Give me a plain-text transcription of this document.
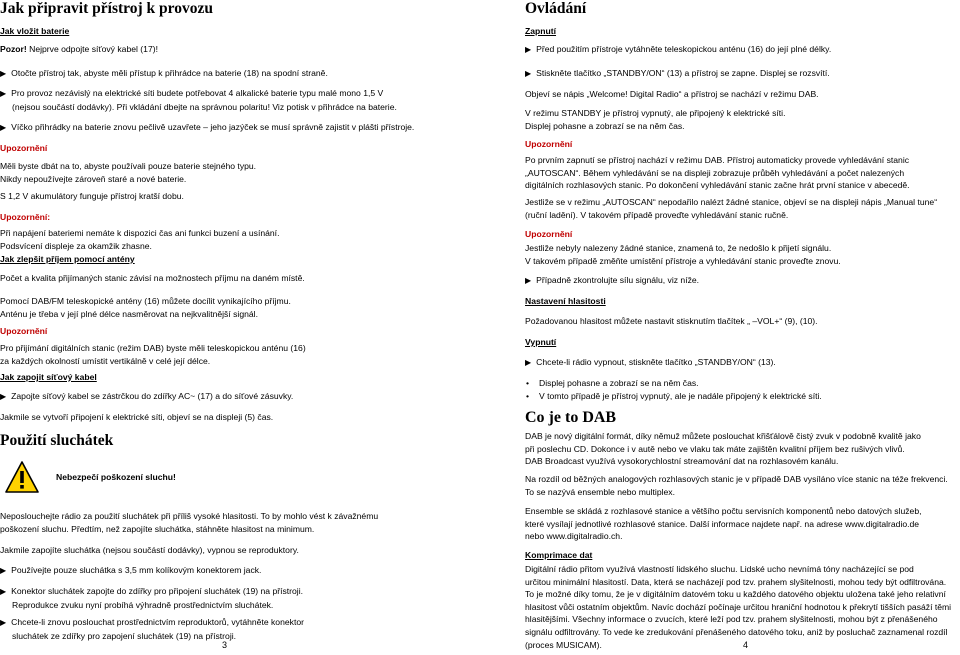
Jak připravit přístroj k provozu

Jak vložit baterie

Pozor! Nejprve odpojte síťový kabel (17)!

▶ Otočte přístroj tak, abyste měli přístup k přihrádce na baterie (18) na spodní straně.

▶ Pro provoz nezávislý na elektrické síti budete potřebovat 4 alkalické baterie typu malé mono 1,5 V

(nejsou součástí dodávky). Při vkládání dbejte na správnou polaritu! Viz potisk v přihrádce na baterie.

▶ Víčko přihrádky na baterie znovu pečlivě uzavřete – jeho jazýček se musí správně zajistit v plášti přístroje.

Upozornění

Měli byste dbát na to, abyste používali pouze baterie stejného typu.

Nikdy nepoužívejte zároveň staré a nové baterie.

S 1,2 V akumulátory funguje přístroj kratší dobu.

Upozornění:

Při napájení bateriemi nemáte k dispozici čas ani funkci buzení a usínání.

Podsvícení displeje za okamžik zhasne.

Jak zlepšit příjem pomocí antény

Počet a kvalita přijímaných stanic závisí na možnostech příjmu na daném místě.

Pomocí DAB/FM teleskopické antény (16) můžete docílit vynikajícího příjmu.

Anténu je třeba v její plné délce nasměrovat na nejkvalitnější signál.

Upozornění

Pro přijímání digitálních stanic (režim DAB) byste měli teleskopickou anténu (16)

za každých okolností umístit vertikálně v celé její délce.

Jak zapojit síťový kabel

▶ Zapojte síťový kabel se zástrčkou do zdířky AC~ (17) a do síťové zásuvky.

Jakmile se vytvoří připojení k elektrické síti, objeví se na displeji (5) čas.

Použití sluchátek

Nebezpečí poškození sluchu!

Neposlouchejte rádio za použití sluchátek při příliš vysoké hlasitosti. To by mohlo vést k závažnému

poškození sluchu. Předtím, než zapojíte sluchátka, stáhněte hlasitost na minimum.

Jakmile zapojíte sluchátka (nejsou součástí dodávky), vypnou se reproduktory.

▶ Používejte pouze sluchátka s 3,5 mm kolíkovým konektorem jack.

▶ Konektor sluchátek zapojte do zdířky pro připojení sluchátek (19) na přístroji.

Reprodukce zvuku nyní probíhá výhradně prostřednictvím sluchátek.

▶ Chcete-li znovu poslouchat prostřednictvím reproduktorů, vytáhněte konektor

sluchátek ze zdířky pro zapojení sluchátek (19) na přístroji.

3
Ovládání

Zapnutí

▶ Před použitím přístroje vytáhněte teleskopickou anténu (16) do její plné délky.

▶ Stiskněte tlačítko „STANDBY/ON“ (13) a přístroj se zapne. Displej se rozsvítí.

Objeví se nápis „Welcome! Digital Radio“ a přístroj se nachází v režimu DAB.

V režimu STANDBY je přístroj vypnutý, ale připojený k elektrické síti.

Displej pohasne a zobrazí se na něm čas.

Upozornění

Po prvním zapnutí se přístroj nachází v režimu DAB. Přístroj automaticky provede vyhledávání stanic

„AUTOSCAN“. Během vyhledávání se na displeji zobrazuje průběh vyhledávání a počet nalezených

digitálních rozhlasových stanic. Po dokončení vyhledávání stanic začne hrát první stanice v abecedě.

Jestliže se v režimu „AUTOSCAN“ nepodařilo nalézt žádné stanice, objeví se na displeji nápis „Manual tune“

(ruční ladění). V takovém případě proveďte vyhledávání stanic ručně.

Upozornění

Jestliže nebyly nalezeny žádné stanice, znamená to, že nedošlo k přijetí signálu.

V takovém případě změňte umístění přístroje a vyhledávání stanic proveďte znovu.

▶ Případně zkontrolujte sílu signálu, viz níže.

Nastavení hlasitosti

Požadovanou hlasitost můžete nastavit stisknutím tlačítek „ –VOL+“ (9), (10).

Vypnutí

▶ Chcete-li rádio vypnout, stiskněte tlačítko „STANDBY/ON“ (13).

• Displej pohasne a zobrazí se na něm čas.

• V tomto případě je přístroj vypnutý, ale je nadále připojený k elektrické síti.

Co je to DAB

DAB je nový digitální formát, díky němuž můžete poslouchat křišťálově čistý zvuk v podobně kvalitě jako

při poslechu CD. Dokonce i v autě nebo ve vlaku tak máte zajištěn kvalitní příjem bez rušivých vlivů.

DAB Broadcast využívá vysokorychlostní streamování dat na rozhlasovém kanálu.

Na rozdíl od běžných analogových rozhlasových stanic je v případě DAB vysíláno více stanic na téže frekvenci.

To se nazývá ensemble nebo multiplex.

Ensemble se skládá z rozhlasové stanice a většího počtu servisních komponentů nebo datových služeb,

které vysílají jednotlivé rozhlasové stanice. Další informace najdete např. na adrese www.digitalradio.de

nebo www.digitalradio.ch.

Komprimace dat

Digitální rádio přitom využívá vlastností lidského sluchu. Lidské ucho nevnímá tóny nacházející se pod

určitou minimální hlasitostí. Data, která se nacházejí pod tzv. prahem slyšitelnosti, mohou tedy být odfiltrována.

To je možné díky tomu, že je v digitálním datovém toku u každého datového objektu uložena také jeho relativní

hlasitost vůči ostatním objektům. Navíc dochází počínaje určitou hraniční hodnotou k překrytí tišších pasáží těmi

hlasitějšími. Všechny informace o zvucích, které leží pod tzv. prahem slyšitelnosti, mohou být z přenášeného

signálu odfiltrovány. To vede ke zredukování přenášeného datového toku, aniž by posluchač zaznamenal rozdíl

(proces MUSICAM).	4
